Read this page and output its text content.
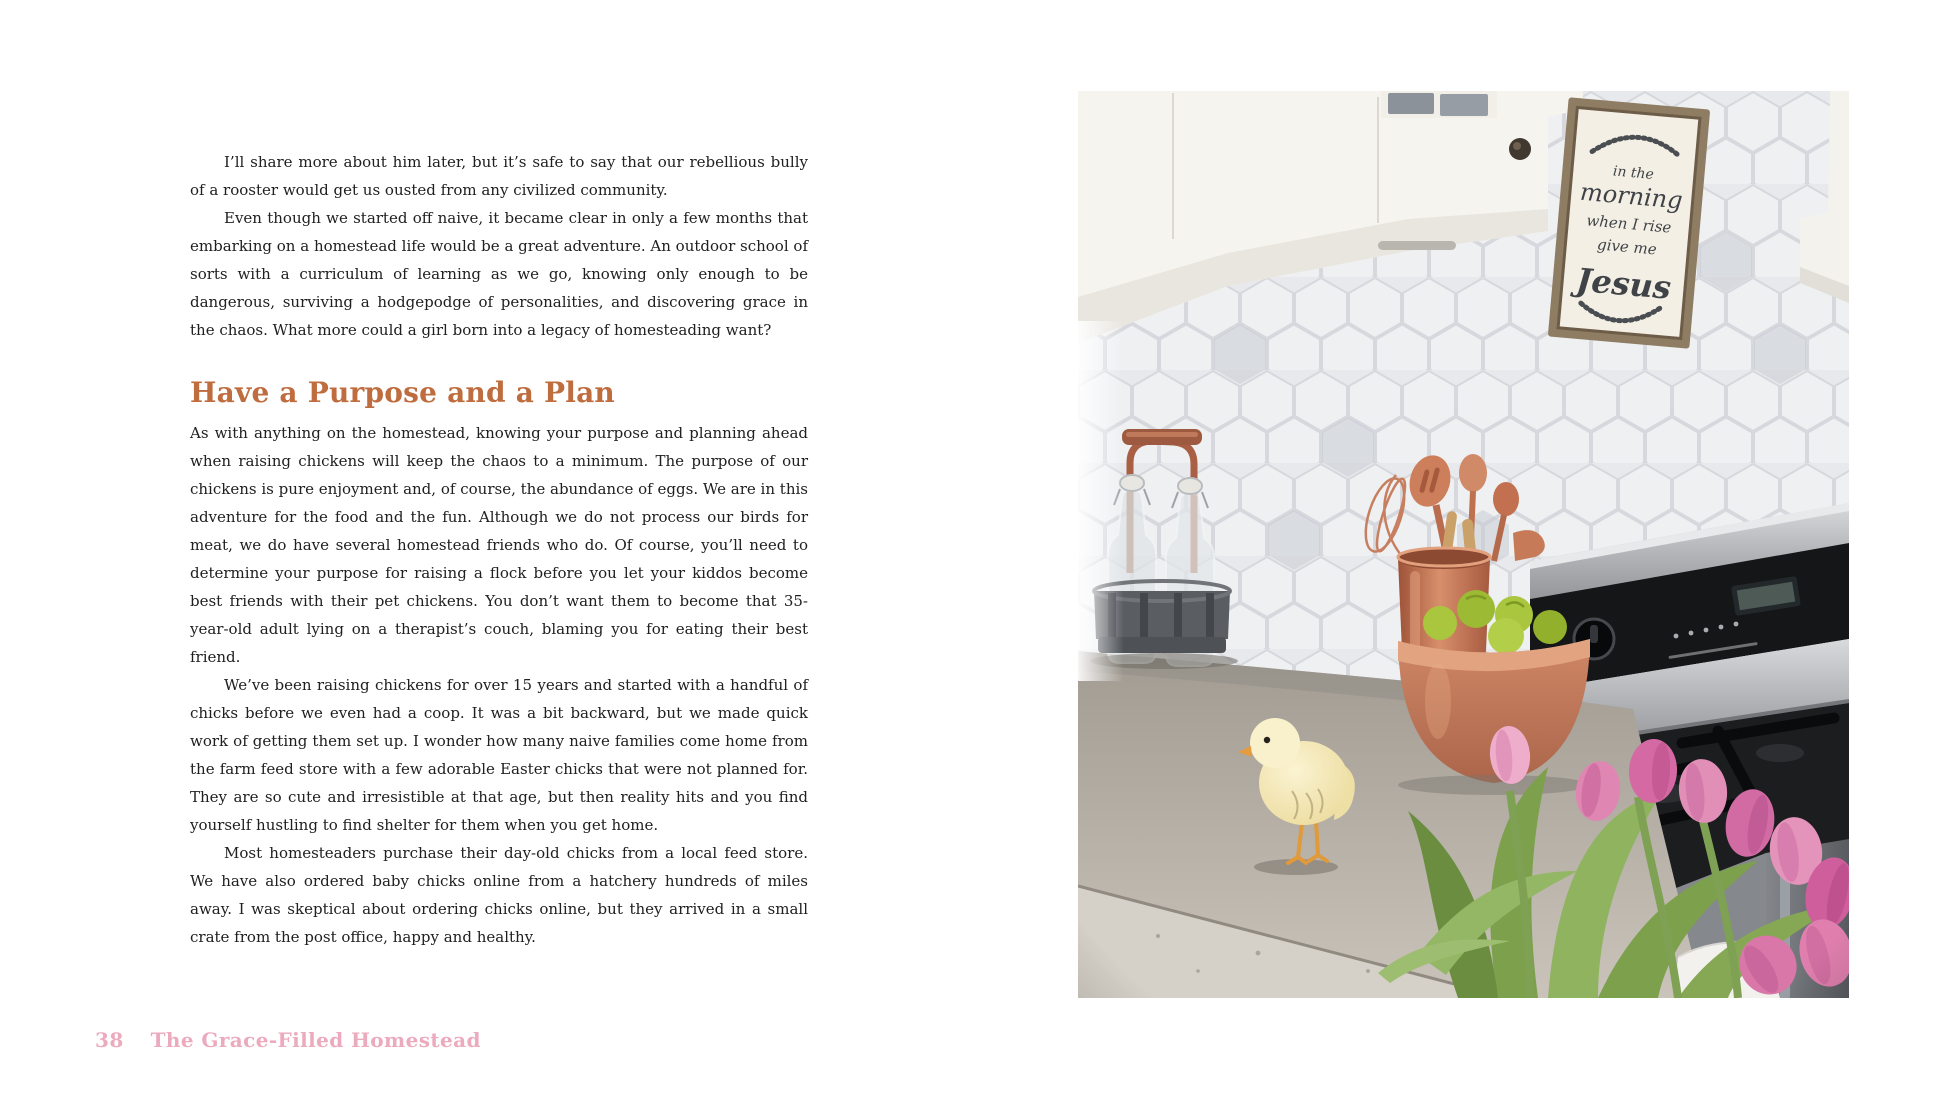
I’ll share more about him later, but it’s safe to say that our rebellious bully of a rooster would get us ousted from any civilized community.

Even though we started off naive, it became clear in only a few months that embarking on a homestead life would be a great adventure. An outdoor school of sorts with a curriculum of learning as we go, knowing only enough to be dangerous, surviving a hodgepodge of personalities, and discovering grace in the chaos. What more could a girl born into a legacy of homesteading want?

Have a Purpose and a Plan

As with anything on the homestead, knowing your purpose and planning ahead when raising chickens will keep the chaos to a minimum. The purpose of our chickens is pure enjoyment and, of course, the abundance of eggs. We are in this adventure for the food and the fun. Although we do not process our birds for meat, we do have several homestead friends who do. Of course, you’ll need to determine your purpose for raising a flock before you let your kiddos become best friends with their pet chickens. You don’t want them to become that 35-year-old adult lying on a therapist’s couch, blaming you for eating their best friend.

We’ve been raising chickens for over 15 years and started with a handful of chicks before we even had a coop. It was a bit backward, but we made quick work of getting them set up. I wonder how many naive families come home from the farm feed store with a few adorable Easter chicks that were not planned for. They are so cute and irresistible at that age, but then reality hits and you find yourself hustling to find shelter for them when you get home.

Most homesteaders purchase their day-old chicks from a local feed store. We have also ordered baby chicks online from a hatchery hundreds of miles away. I was skeptical about ordering chicks online, but they arrived in a small crate from the post office, happy and healthy.

38 The Grace-Filled Homestead
